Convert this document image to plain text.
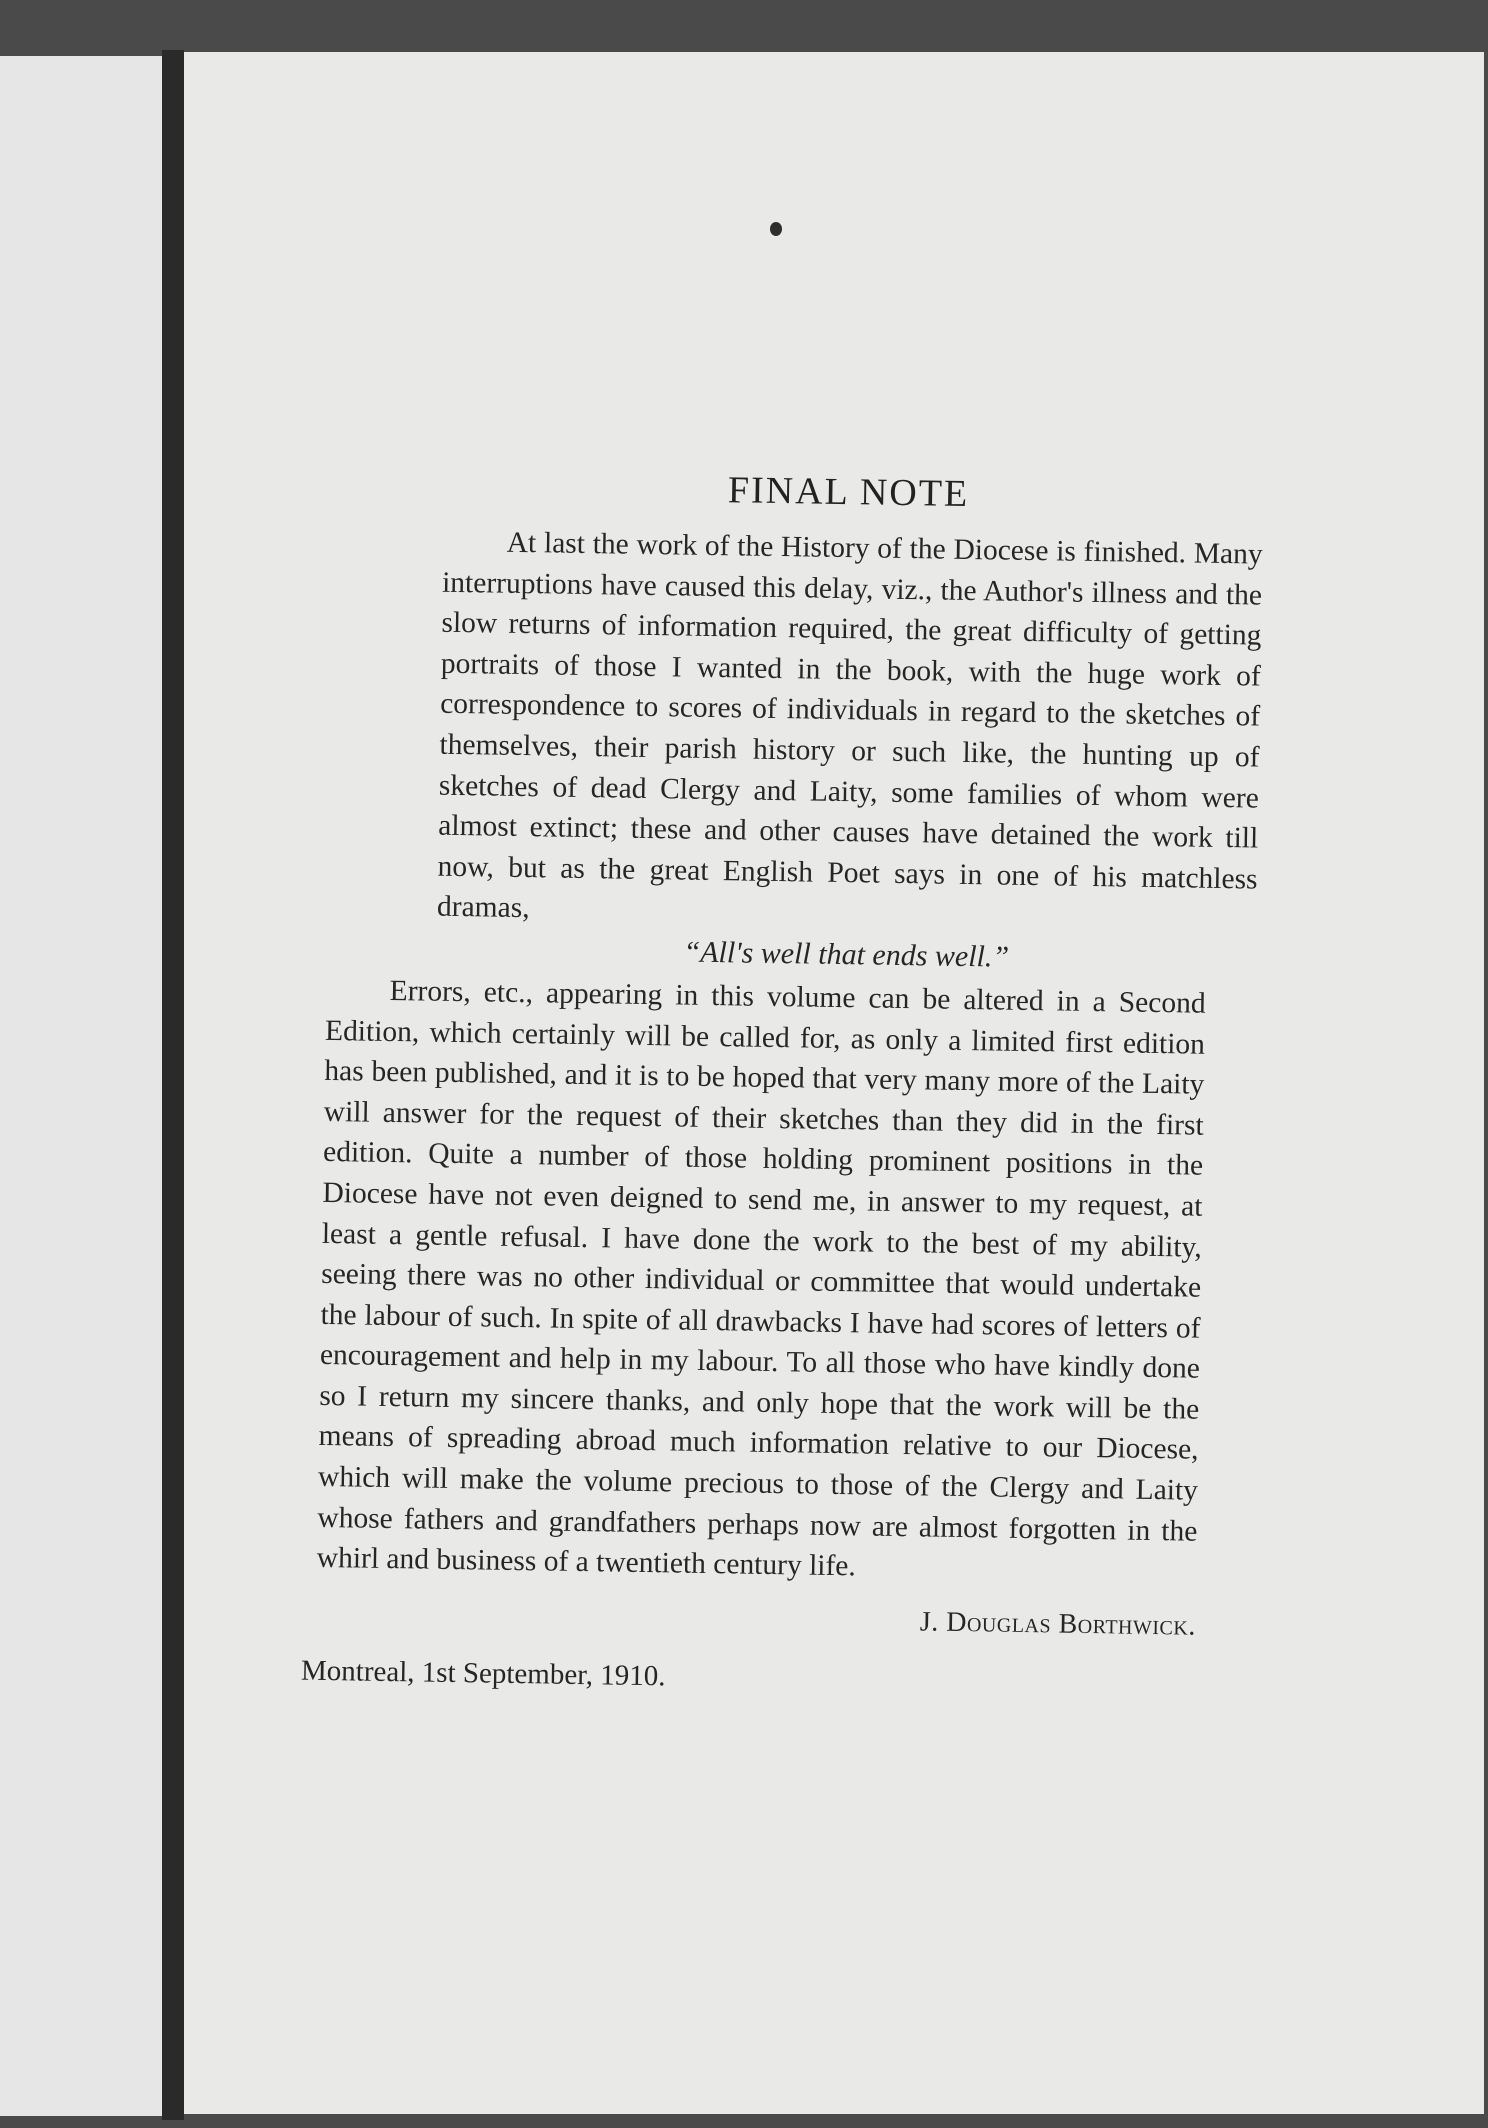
FINAL NOTE

At last the work of the History of the Diocese is finished. Many interruptions have caused this delay, viz., the Author's illness and the slow returns of information required, the great difficulty of getting portraits of those I wanted in the book, with the huge work of correspondence to scores of individuals in regard to the sketches of themselves, their parish history or such like, the hunting up of sketches of dead Clergy and Laity, some families of whom were almost extinct; these and other causes have detained the work till now, but as the great English Poet says in one of his matchless dramas,

“All's well that ends well.”

Errors, etc., appearing in this volume can be altered in a Second Edition, which certainly will be called for, as only a limited first edition has been published, and it is to be hoped that very many more of the Laity will answer for the request of their sketches than they did in the first edition. Quite a number of those holding prominent positions in the Diocese have not even deigned to send me, in answer to my request, at least a gentle refusal. I have done the work to the best of my ability, seeing there was no other individual or committee that would undertake the labour of such. In spite of all drawbacks I have had scores of letters of encouragement and help in my labour. To all those who have kindly done so I return my sincere thanks, and only hope that the work will be the means of spreading abroad much information relative to our Diocese, which will make the volume precious to those of the Clergy and Laity whose fathers and grandfathers perhaps now are almost forgotten in the whirl and business of a twentieth century life.

J. Douglas Borthwick.
Montreal, 1st September, 1910.
